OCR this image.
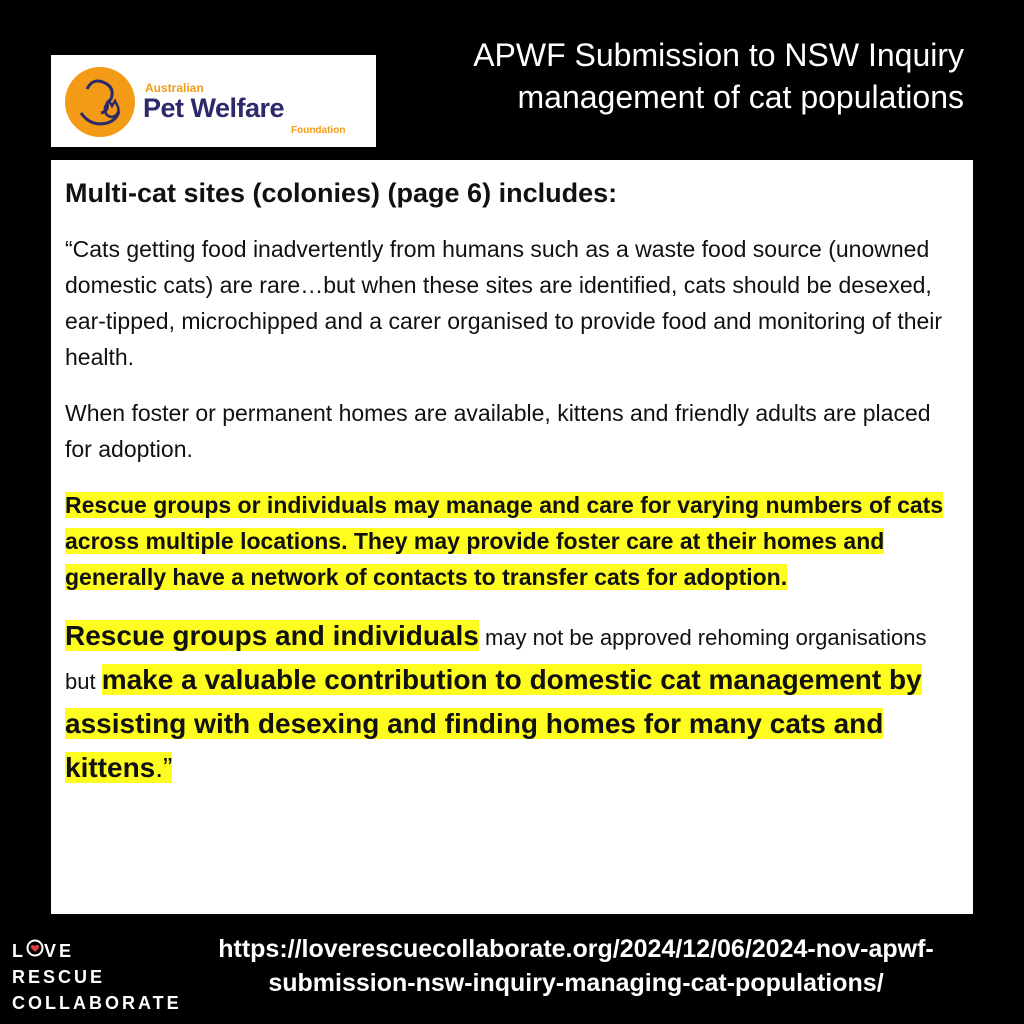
Australian
Pet Welfare
Foundation
APWF Submission to NSW Inquiry management of cat populations
Multi-cat sites (colonies) (page 6) includes:

“Cats getting food inadvertently from humans such as a waste food source (unowned domestic cats) are rare…but when these sites are identified, cats should be desexed, ear-tipped, microchipped and a carer organised to provide food and monitoring of their health.

When foster or permanent homes are available, kittens and friendly adults are placed for adoption.

Rescue groups or individuals may manage and care for varying numbers of cats across multiple locations. They may provide foster care at their homes and generally have a network of contacts to transfer cats for adoption.

Rescue groups and individuals may not be approved rehoming organisations but make a valuable contribution to domestic cat management by assisting with desexing and finding homes for many cats and kittens.”

L VE
RESCUE
COLLABORATE
https://loverescuecollaborate.org/2024/12/06/2024-nov-apwf-submission-nsw-inquiry-managing-cat-populations/
